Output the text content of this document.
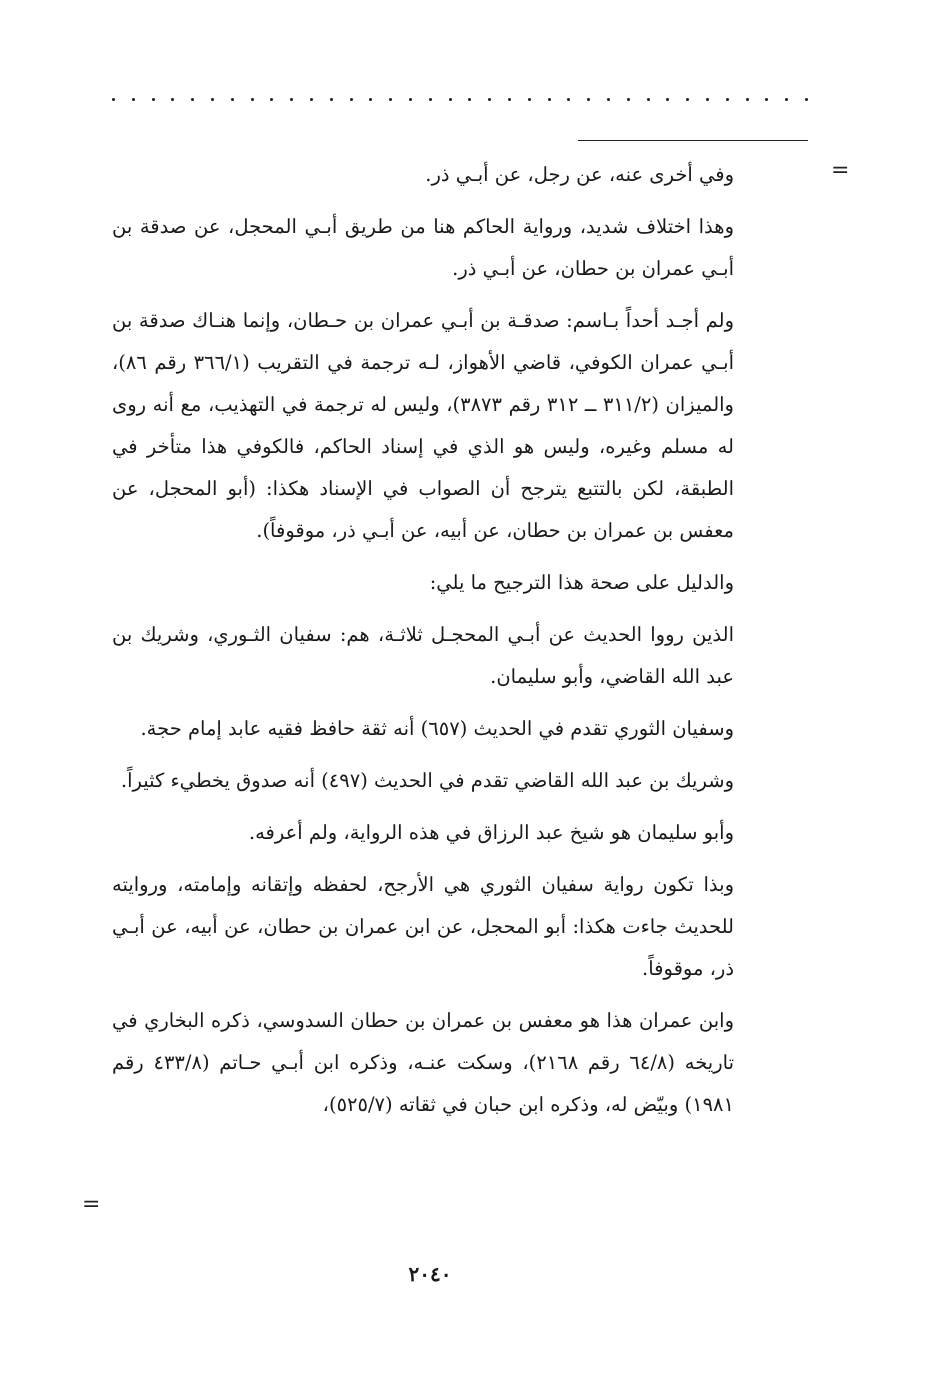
=

وفي أخرى عنه، عن رجل، عن أبـي ذر.

وهذا اختلاف شديد، ورواية الحاكم هنا من طريق أبـي المحجل، عن صدقة بن أبـي عمران بن حطان، عن أبـي ذر.

ولم أجـد أحداً بـاسم: صدقـة بن أبـي عمران بن حـطان، وإنما هنـاك صدقة بن أبـي عمران الكوفي، قاضي الأهواز، لـه ترجمة في التقريب (٣٦٦/١ رقم ٨٦)، والميزان (٣١١/٢ ــ ٣١٢ رقم ٣٨٧٣)، وليس له ترجمة في التهذيب، مع أنه روى له مسلم وغيره، وليس هو الذي في إسناد الحاكم، فالكوفي هذا متأخر في الطبقة، لكن بالتتبع يترجح أن الصواب في الإسناد هكذا: (أبو المحجل، عن معفس بن عمران بن حطان، عن أبيه، عن أبـي ذر، موقوفاً).

والدليل على صحة هذا الترجيح ما يلي:

الذين رووا الحديث عن أبـي المحجـل ثلاثـة، هم: سفيان الثـوري، وشريك بن عبد الله القاضي، وأبو سليمان.

وسفيان الثوري تقدم في الحديث (٦٥٧) أنه ثقة حافظ فقيه عابد إمام حجة.

وشريك بن عبد الله القاضي تقدم في الحديث (٤٩٧) أنه صدوق يخطيء كثيراً.

وأبو سليمان هو شيخ عبد الرزاق في هذه الرواية، ولم أعرفه.

وبذا تكون رواية سفيان الثوري هي الأرجح، لحفظه وإتقانه وإمامته، وروايته للحديث جاءت هكذا: أبو المحجل، عن ابن عمران بن حطان، عن أبيه، عن أبـي ذر، موقوفاً.

وابن عمران هذا هو معفس بن عمران بن حطان السدوسي، ذكره البخاري في تاريخه (٦٤/٨ رقم ٢١٦٨)، وسكت عنـه، وذكره ابن أبـي حـاتم (٤٣٣/٨ رقم ١٩٨١) وبيّض له، وذكره ابن حبان في ثقاته (٥٢٥/٧)،

=
٢٠٤٠
